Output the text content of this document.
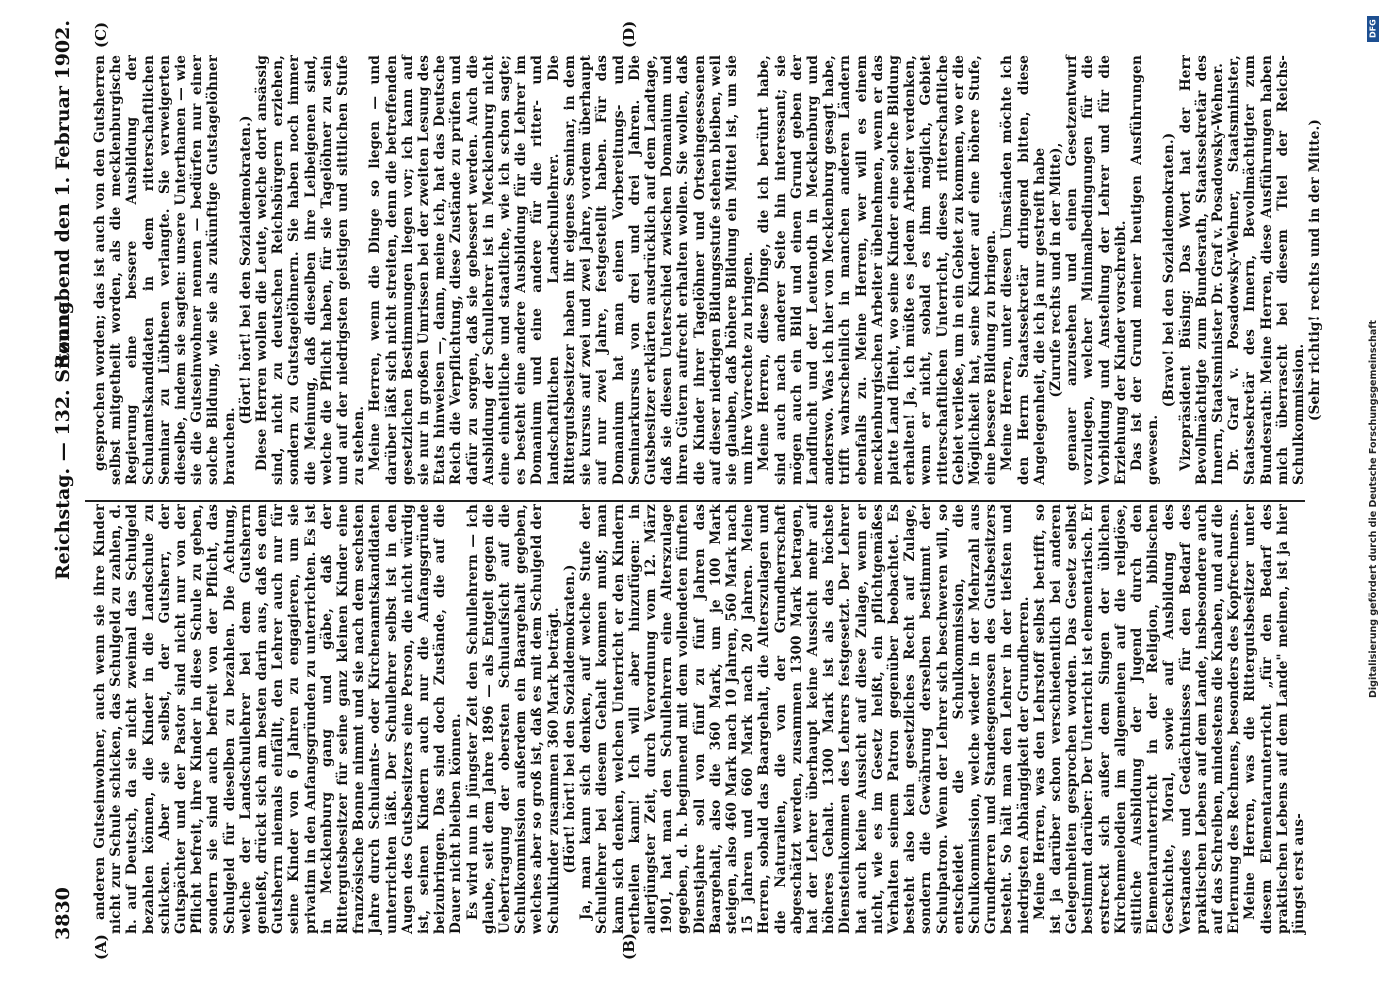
3830
Reichstag. — 132. Sitzung.
Sonnabend den 1. Februar 1902.
(A)	(B)
(C)	(D)

anderen Gutseinwohner, auch wenn sie ihre Kinder nicht zur Schule schicken, das Schulgeld zu zahlen, d. h. auf Deutsch, da sie nicht zweimal das Schulgeld bezahlen können, die Kinder in die Landschule zu schicken. Aber sie selbst, der Gutsherr, der Gutspächter und der Pastor sind nicht nur von der Pflicht befreit, ihre Kinder in diese Schule zu geben, sondern sie sind auch befreit von der Pflicht, das Schulgeld für dieselben zu bezahlen. Die Achtung, welche der Landschullehrer bei dem Gutsherrn genießt, drückt sich am besten darin aus, daß es dem Gutsherrn niemals einfällt, den Lehrer auch nur für seine Kinder von 6 Jahren zu engagieren, um sie privatim in den Anfangsgründen zu unterrichten. Es ist in Mecklenburg gang und gäbe, daß der Rittergutsbesitzer für seine ganz kleinen Kinder eine französische Bonne nimmt und sie nach dem sechsten Jahre durch Schulamts- oder Kirchenamtskandidaten unterrichten läßt. Der Schullehrer selbst ist in den Augen des Gutsbesitzers eine Person, die nicht würdig ist, seinen Kindern auch nur die Anfangsgründe beizubringen. Das sind doch Zustände, die auf die Dauer nicht bleiben können. Es wird nun in jüngster Zeit den Schullehrern — ich glaube, seit dem Jahre 1896 — als Entgelt gegen die Uebertragung der obersten Schulaufsicht auf die Schulkommission außerdem ein Baargehalt gegeben, welches aber so groß ist, daß es mit dem Schulgeld der Schulkinder zusammen 360 Mark beträgt. (Hört! hört! bei den Sozialdemokraten.) Ja, man kann sich denken, auf welche Stufe der Schullehrer bei diesem Gehalt kommen muß; man kann sich denken, welchen Unterricht er den Kindern ertheilen kann! Ich will aber hinzufügen: in allerjüngster Zeit, durch Verordnung vom 12. März 1901, hat man den Schullehrern eine Alterszulage gegeben, d. h. beginnend mit dem vollendeten fünften Dienstjahre soll von fünf zu fünf Jahren das Baargehalt, also die 360 Mark, um je 100 Mark steigen, also 460 Mark nach 10 Jahren, 560 Mark nach 15 Jahren und 660 Mark nach 20 Jahren. Meine Herren, sobald das Baargehalt, die Alterszulagen und die Naturalien, die von der Grundherrschaft abgeschätzt werden, zusammen 1300 Mark betragen, hat der Lehrer überhaupt keine Aussicht mehr auf höheres Gehalt. 1300 Mark ist als das höchste Diensteinkommen des Lehrers festgesetzt. Der Lehrer hat auch keine Aussicht auf diese Zulage, wenn er nicht, wie es im Gesetz heißt, ein pflichtgemäßes Verhalten seinem Patron gegenüber beobachtet. Es besteht also kein gesetzliches Recht auf Zulage, sondern die Gewährung derselben bestimmt der Schulpatron. Wenn der Lehrer sich beschweren will, so entscheidet die Schulkommission, die Schulkommission, welche wieder in der Mehrzahl aus Grundherren und Standesgenossen des Gutsbesitzers besteht. So hält man den Lehrer in der tiefsten und niedrigsten Abhängigkeit der Grundherren. Meine Herren, was den Lehrstoff selbst betrifft, so ist ja darüber schon verschiedentlich bei anderen Gelegenheiten gesprochen worden. Das Gesetz selbst bestimmt darüber: Der Unterricht ist elementarisch. Er erstreckt sich außer dem Singen der üblichen Kirchenmelodien im allgemeinen auf die religiöse, sittliche Ausbildung der Jugend durch den Elementarunterricht in der Religion, biblischen Geschichte, Moral, sowie auf Ausbildung des Verstandes und Gedächtnisses für den Bedarf des praktischen Lebens auf dem Lande, insbesondere auch auf das Schreiben, mindestens die Knaben, und auf die Erlernung des Rechnens, besonders des Kopfrechnens. Meine Herren, was die Rittergutsbesitzer unter diesem Elementarunterricht „für den Bedarf des praktischen Lebens auf dem Lande" meinen, ist ja hier jüngst erst aus-

gesprochen worden; das ist auch von den Gutsherren selbst mitgetheilt worden, als die mecklenburgische Regierung eine bessere Ausbildung der Schulamtskandidaten in dem ritterschaftlichen Seminar zu Lübtheen verlangte. Sie verweigerten dieselbe, indem sie sagten: unsere Unterthanen — wie sie die Gutseinwohner nennen — bedürfen nur einer solche Bildung, wie sie als zukünftige Gutstagelöhner brauchen.

(Hört! hört! bei den Sozialdemokraten.) Diese Herren wollen die Leute, welche dort ansässig sind, nicht zu deutschen Reichsbürgern erziehen, sondern zu Gutstagelöhnern. Sie haben noch immer die Meinung, daß dieselben ihre Leibeigenen sind, welche die Pflicht haben, für sie Tagelöhner zu sein und auf der niedrigsten geistigen und sittlichen Stufe zu stehen. Meine Herren, wenn die Dinge so liegen — und darüber läßt sich nicht streiten, denn die betreffenden gesetzlichen Bestimmungen liegen vor; ich kann auf sie nur in großen Umrissen bei der zweiten Lesung des Etats hinweisen —, dann, meine ich, hat das Deutsche Reich die Verpflichtung, diese Zustände zu prüfen und dafür zu sorgen, daß sie gebessert werden. Auch die Ausbildung der Schullehrer ist in Mecklenburg nicht eine einheitliche und staatliche, wie ich schon sagte; es besteht eine andere Ausbildung für die Lehrer im Domanium und eine andere für die ritter- und landschaftlichen Landschullehrer. Die Rittergutsbesitzer haben ihr eigenes Seminar, in dem sie kursus auf zwei und zwei Jahre, vordem überhaupt auf nur zwei Jahre, festgestellt haben. Für das Domanium hat man einen Vorbereitungs- und Seminarkursus von drei und drei Jahren. Die Gutsbesitzer erklärten ausdrücklich auf dem Landtage, daß sie diesen Unterschied zwischen Domanium und ihren Gütern aufrecht erhalten wollen. Sie wollen, daß die Kinder ihrer Tagelöhner und Ortseingesessenen auf dieser niedrigen Bildungsstufe stehen bleiben, weil sie glauben, daß höhere Bildung ein Mittel ist, um sie um ihre Vorrechte zu bringen. Meine Herren, diese Dinge, die ich berührt habe, sind auch nach anderer Seite hin interessant; sie mögen auch ein Bild und einen Grund geben der Landflucht und der Leutenoth in Mecklenburg und anderswo. Was ich hier von Mecklenburg gesagt habe, trifft wahrscheinlich in manchen anderen Ländern ebenfalls zu. Meine Herren, wer will es einem mecklenburgischen Arbeiter übelnehmen, wenn er das platte Land flieht, wo seine Kinder eine solche Bildung erhalten! Ja, ich müßte es jedem Arbeiter verdenken, wenn er nicht, sobald es ihm möglich, Gebiet ritterschaftlichen Unterricht, dieses ritterschaftliche Gebiet verließe, um in ein Gebiet zu kommen, wo er die Möglichkeit hat, seine Kinder auf eine höhere Stufe, eine bessere Bildung zu bringen. Meine Herren, unter diesen Umständen möchte ich den Herrn Staatssekretär dringend bitten, diese Angelegenheit, die ich ja nur gestreift habe (Zurufe rechts und in der Mitte), genauer anzusehen und einen Gesetzentwurf vorzulegen, welcher Minimalbedingungen für die Vorbildung und Anstellung der Lehrer und für die Erziehung der Kinder vorschreibt. Das ist der Grund meiner heutigen Ausführungen gewesen.

(Bravo! bei den Sozialdemokraten.) Vizepräsident Büsing: Das Wort hat der Herr Bevollmächtigte zum Bundesrath, Staatssekretär des Innern, Staatsminister Dr. Graf v. Posadowsky-Wehner. Dr. Graf v. Posadowsky-Wehner, Staatsminister, Staatssekretär des Innern, Bevollmächtigter zum Bundesrath: Meine Herren, diese Ausführungen haben mich überrascht bei diesem Titel der Reichs-Schulkommission. (Sehr richtig! rechts und in der Mitte.)

DFG
Digitalisierung gefördert durch die Deutsche Forschungsgemeinschaft
